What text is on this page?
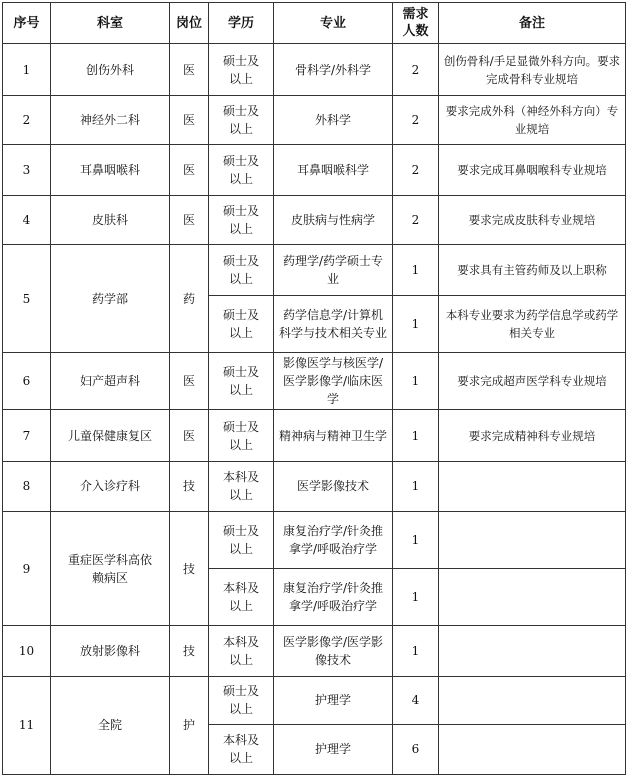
序号	科室	岗位	学历	专业	需求人数	备注
1	创伤外科	医	硕士及以上	骨科学/外科学	2	创伤骨科/手足显微外科方向。要求完成骨科专业规培
2	神经外二科	医	硕士及以上	外科学	2	要求完成外科（神经外科方向）专业规培
3	耳鼻咽喉科	医	硕士及以上	耳鼻咽喉科学	2	要求完成耳鼻咽喉科专业规培
4	皮肤科	医	硕士及以上	皮肤病与性病学	2	要求完成皮肤科专业规培
5	药学部	药	硕士及以上	药理学/药学硕士专业	1	要求具有主管药师及以上职称
			硕士及以上	药学信息学/计算机科学与技术相关专业	1	本科专业要求为药学信息学或药学相关专业
6	妇产超声科	医	硕士及以上	影像医学与核医学/医学影像学/临床医学	1	要求完成超声医学科专业规培
7	儿童保健康复区	医	硕士及以上	精神病与精神卫生学	1	要求完成精神科专业规培
8	介入诊疗科	技	本科及以上	医学影像技术	1	
9	重症医学科高依赖病区	技	硕士及以上	康复治疗学/针灸推拿学/呼吸治疗学	1	
			本科及以上	康复治疗学/针灸推拿学/呼吸治疗学	1	
10	放射影像科	技	本科及以上	医学影像学/医学影像技术	1	
11	全院	护	硕士及以上	护理学	4	
			本科及以上	护理学	6	
